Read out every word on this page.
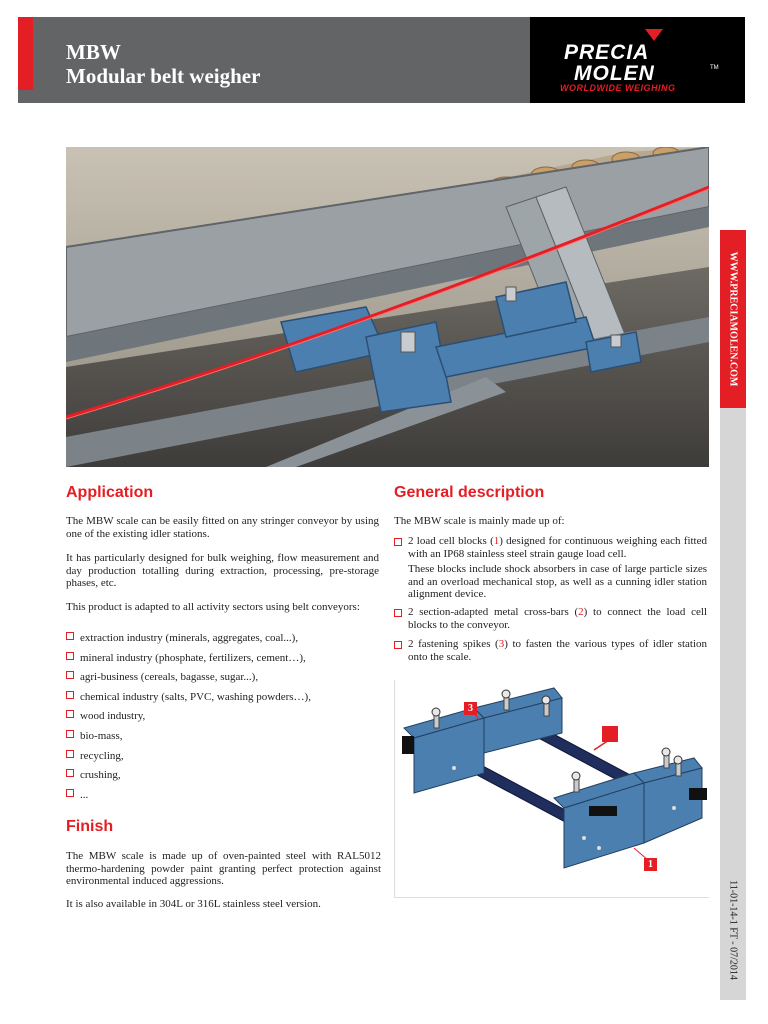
MBW
Modular belt weigher
PRECIA
MOLEN	TM
WORLDWIDE WEIGHING
WWW.PRECIAMOLEN.COM
11-01-14-1 FT - 07/2014
Application
The MBW scale can be easily fitted on any stringer conveyor by using one of the existing idler stations.
It has particularly designed for bulk weighing, flow measurement and day production totalling during extraction, processing, pre-storage phases, etc.
This product is adapted to all activity sectors using belt conveyors:
extraction industry (minerals, aggregates, coal...),
mineral industry (phosphate, fertilizers, cement…),
agri-business (cereals, bagasse, sugar...),
chemical industry (salts, PVC, washing powders…),
wood industry,
bio-mass,
recycling,
crushing,
...
Finish
The MBW scale is made up of oven-painted steel with RAL5012 thermo-hardening powder paint granting perfect protection against environmental induced aggressions.
It is also available in 304L or 316L stainless steel version.
General description
The MBW scale is mainly made up of:
2 load cell blocks (1) designed for continuous weighing each fitted with an IP68 stainless steel strain gauge load cell.
These blocks include shock absorbers in case of large particle sizes and an overload mechanical stop, as well as a cunning idler station alignment device.
2 section-adapted metal cross-bars (2) to connect the load cell blocks to the conveyor.
2 fastening spikes (3) to fasten the various types of idler station onto the scale.
3
1
